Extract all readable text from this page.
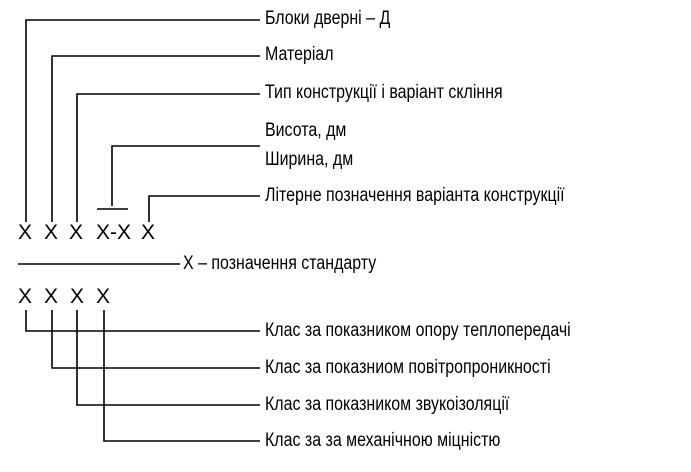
Блоки дверні – Д
Матеріал
Тип конструкції і варіант скління
Висота, дм
Ширина, дм
Літерне позначення варіанта конструкції
X X X X-X X
X – позначення стандарту
X X X X
Клас за показником опору теплопередачі
Клас за показниом повітропроникності
Клас за показником звукоізоляції
Клас за за механічною міцністю
